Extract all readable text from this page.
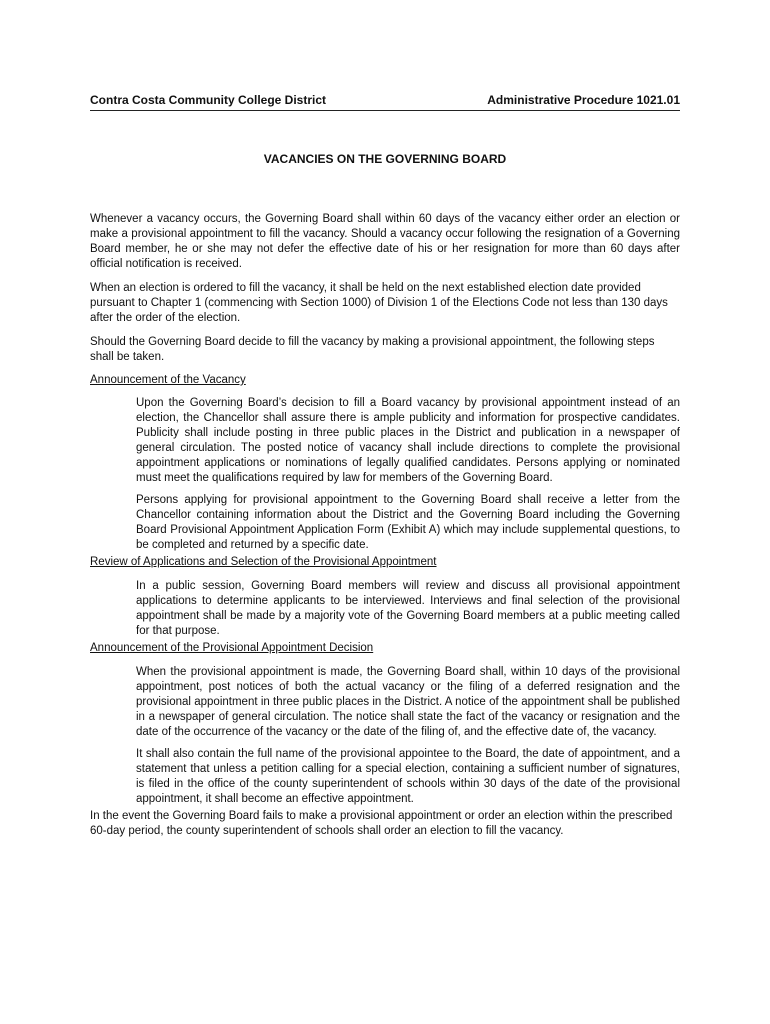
Contra Costa Community College District	Administrative Procedure 1021.01
VACANCIES ON THE GOVERNING BOARD

Whenever a vacancy occurs, the Governing Board shall within 60 days of the vacancy either order an election or make a provisional appointment to fill the vacancy. Should a vacancy occur following the resignation of a Governing Board member, he or she may not defer the effective date of his or her resignation for more than 60 days after official notification is received.

When an election is ordered to fill the vacancy, it shall be held on the next established election date provided pursuant to Chapter 1 (commencing with Section 1000) of Division 1 of the Elections Code not less than 130 days after the order of the election.

Should the Governing Board decide to fill the vacancy by making a provisional appointment, the following steps shall be taken.

Announcement of the Vacancy

Upon the Governing Board’s decision to fill a Board vacancy by provisional appointment instead of an election, the Chancellor shall assure there is ample publicity and information for prospective candidates. Publicity shall include posting in three public places in the District and publication in a newspaper of general circulation. The posted notice of vacancy shall include directions to complete the provisional appointment applications or nominations of legally qualified candidates. Persons applying or nominated must meet the qualifications required by law for members of the Governing Board.

Persons applying for provisional appointment to the Governing Board shall receive a letter from the Chancellor containing information about the District and the Governing Board including the Governing Board Provisional Appointment Application Form (Exhibit A) which may include supplemental questions, to be completed and returned by a specific date.

Review of Applications and Selection of the Provisional Appointment

In a public session, Governing Board members will review and discuss all provisional appointment applications to determine applicants to be interviewed. Interviews and final selection of the provisional appointment shall be made by a majority vote of the Governing Board members at a public meeting called for that purpose.

Announcement of the Provisional Appointment Decision

When the provisional appointment is made, the Governing Board shall, within 10 days of the provisional appointment, post notices of both the actual vacancy or the filing of a deferred resignation and the provisional appointment in three public places in the District. A notice of the appointment shall be published in a newspaper of general circulation. The notice shall state the fact of the vacancy or resignation and the date of the occurrence of the vacancy or the date of the filing of, and the effective date of, the vacancy.

It shall also contain the full name of the provisional appointee to the Board, the date of appointment, and a statement that unless a petition calling for a special election, containing a sufficient number of signatures, is filed in the office of the county superintendent of schools within 30 days of the date of the provisional appointment, it shall become an effective appointment.

In the event the Governing Board fails to make a provisional appointment or order an election within the prescribed 60-day period, the county superintendent of schools shall order an election to fill the vacancy.
